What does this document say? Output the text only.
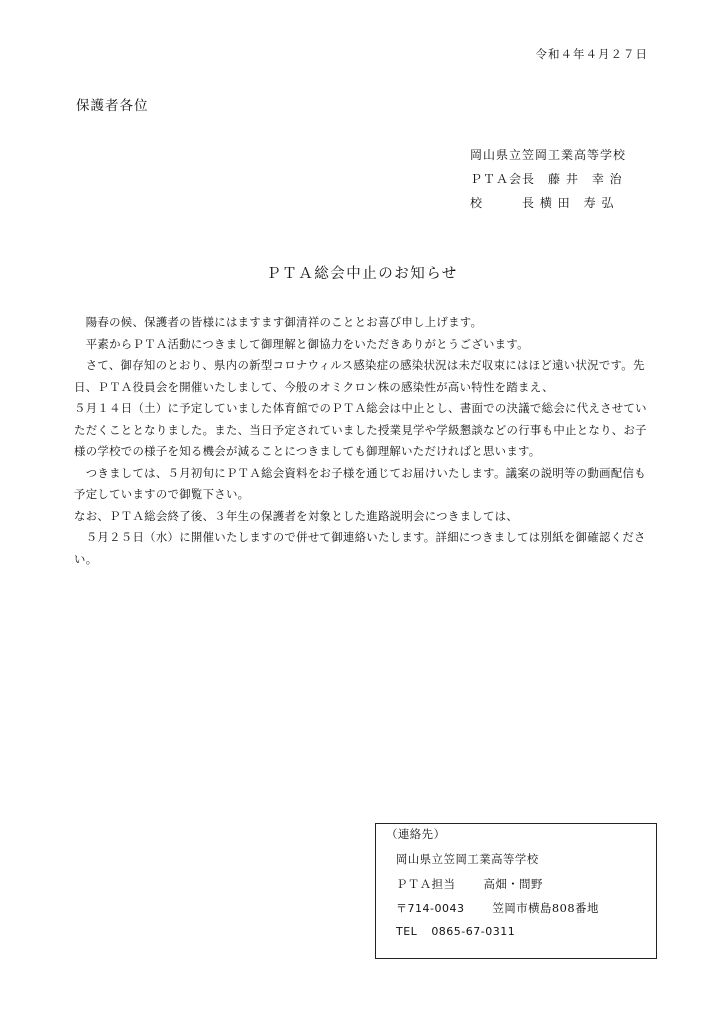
令和４年４月２７日
保護者各位
岡山県立笠岡工業高等学校
ＰＴＡ会長　藤 井　幸 治
校　　　長 横 田　寿 弘
ＰＴＡ総会中止のお知らせ

　陽春の候、保護者の皆様にはますます御清祥のこととお喜び申し上げます。

　平素からＰＴＡ活動につきまして御理解と御協力をいただきありがとうございます。

　さて、御存知のとおり、県内の新型コロナウィルス感染症の感染状況は未だ収束にはほど遠い状況です。先日、ＰＴＡ役員会を開催いたしまして、今般のオミクロン株の感染性が高い特性を踏まえ、

５月１４日（土）に予定していました体育館でのＰＴＡ総会は中止とし、書面での決議で総会に代えさせていただくこととなりました。また、当日予定されていました授業見学や学級懇談などの行事も中止となり、お子様の学校での様子を知る機会が減ることにつきましても御理解いただければと思います。

　つきましては、５月初旬にＰＴＡ総会資料をお子様を通じてお届けいたします。議案の説明等の動画配信も予定していますので御覧下さい。

なお、ＰＴＡ総会終了後、３年生の保護者を対象とした進路説明会につきましては、

　５月２５日（水）に開催いたしますので併せて御連絡いたします。詳細につきましては別紙を御確認ください。

（連絡先）
岡山県立笠岡工業高等学校
ＰＴＡ担当 高畑・間野
〒714-0043 笠岡市横島808番地
TEL 0865-67-0311
